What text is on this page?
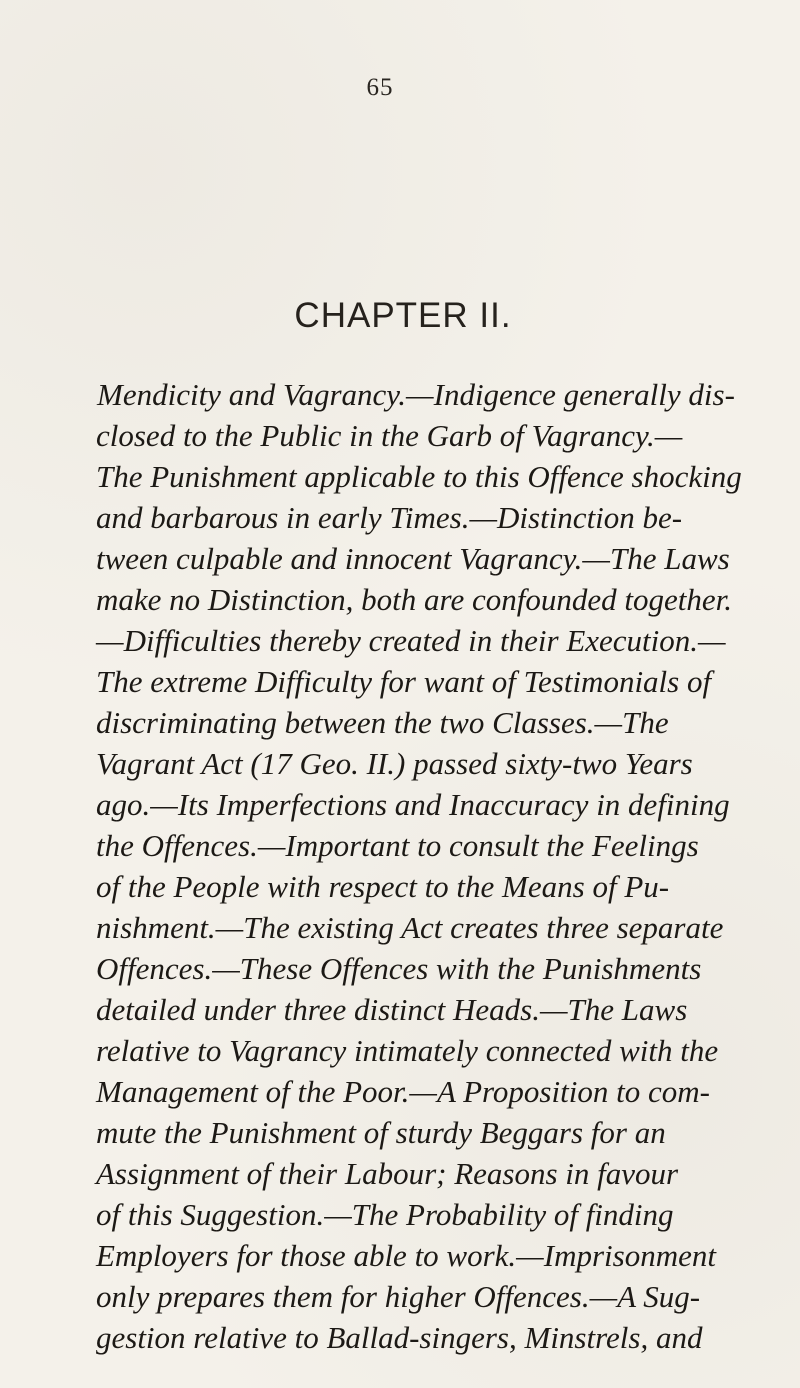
65
CHAPTER II.
Mendicity and Vagrancy.—Indigence generally dis-
closed to the Public in the Garb of Vagrancy.—
The Punishment applicable to this Offence shocking
and barbarous in early Times.—Distinction be-
tween culpable and innocent Vagrancy.—The Laws
make no Distinction, both are confounded together.
—Difficulties thereby created in their Execution.—
The extreme Difficulty for want of Testimonials of
discriminating between the two Classes.—The
Vagrant Act (17 Geo. II.) passed sixty-two Years
ago.—Its Imperfections and Inaccuracy in defining
the Offences.—Important to consult the Feelings
of the People with respect to the Means of Pu-
nishment.—The existing Act creates three separate
Offences.—These Offences with the Punishments
detailed under three distinct Heads.—The Laws
relative to Vagrancy intimately connected with the
Management of the Poor.—A Proposition to com-
mute the Punishment of sturdy Beggars for an
Assignment of their Labour; Reasons in favour
of this Suggestion.—The Probability of finding
Employers for those able to work.—Imprisonment
only prepares them for higher Offences.—A Sug-
gestion relative to Ballad-singers, Minstrels, and
